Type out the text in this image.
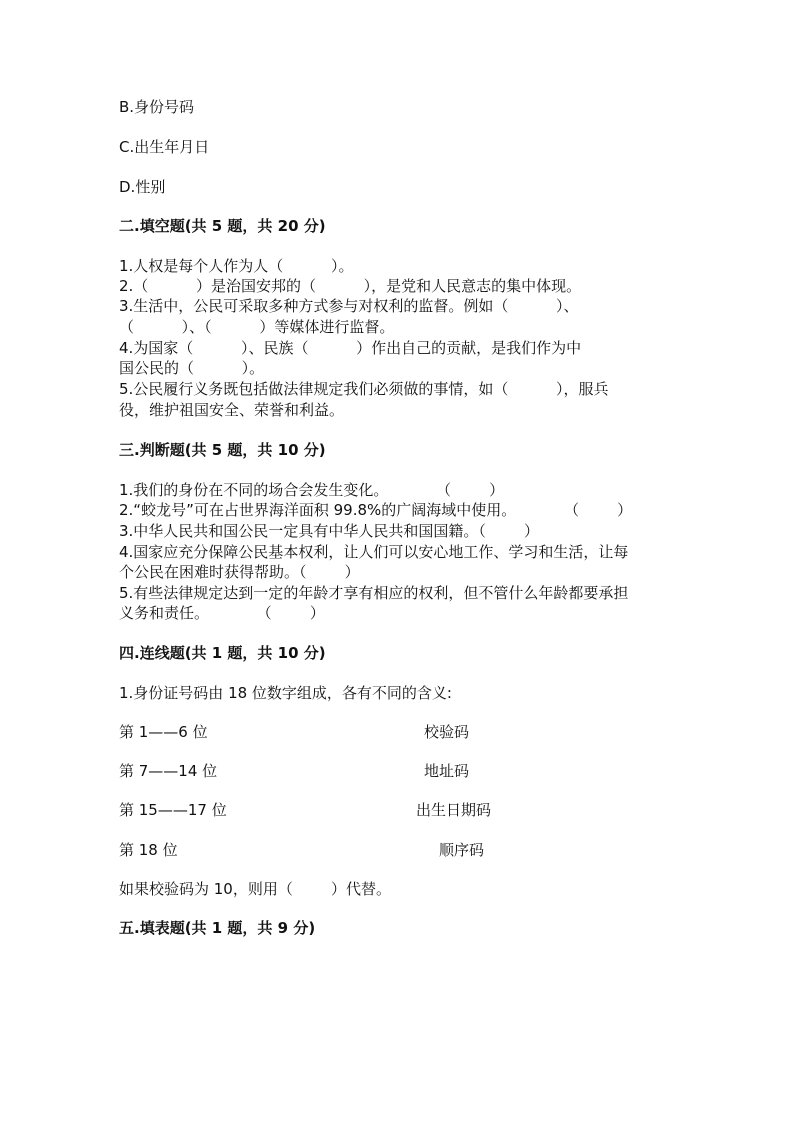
B.身份号码
C.出生年月日
D.性别
二.填空题(共 5 题，共 20 分)
1.人权是每个人作为人（          ）。
2.（          ）是治国安邦的（          ），是党和人民意志的集中体现。
3.生活中，公民可采取多种方式参与对权利的监督。例如（          ）、
（          ）、（          ）等媒体进行监督。
4.为国家（          ）、民族（          ）作出自己的贡献，是我们作为中
国公民的（          ）。
5.公民履行义务既包括做法律规定我们必须做的事情，如（          ），服兵
役，维护祖国安全、荣誉和利益。
三.判断题(共 5 题，共 10 分)
1.我们的身份在不同的场合会发生变化。          （        ）
2.“蛟龙号”可在占世界海洋面积 99.8%的广阔海域中使用。          （        ）
3.中华人民共和国公民一定具有中华人民共和国国籍。（        ）
4.国家应充分保障公民基本权利，让人们可以安心地工作、学习和生活，让每
个公民在困难时获得帮助。（        ）
5.有些法律规定达到一定的年龄才享有相应的权利，但不管什么年龄都要承担
义务和责任。          （        ）
四.连线题(共 1 题，共 10 分)
1.身份证号码由 18 位数字组成，各有不同的含义:
第 1——6 位	校验码
第 7——14 位	地址码
第 15——17 位	出生日期码
第 18 位	顺序码
如果校验码为 10，则用（        ）代替。
五.填表题(共 1 题，共 9 分)
